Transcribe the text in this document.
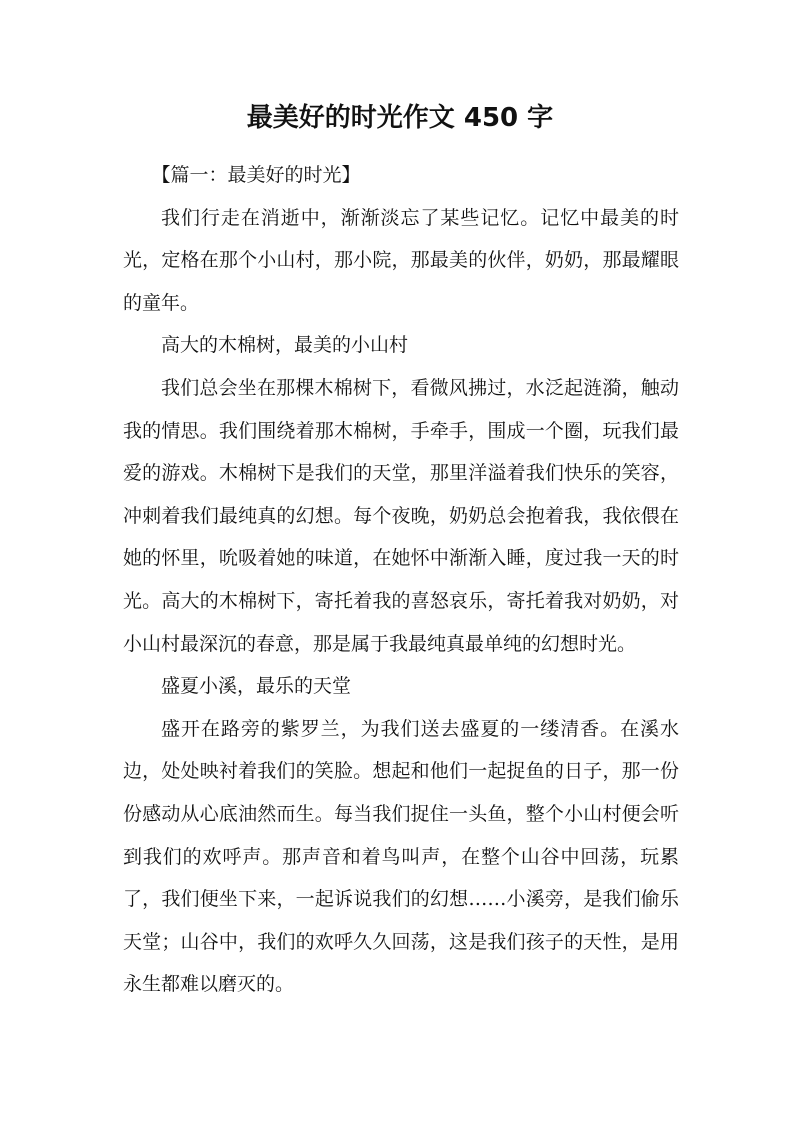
最美好的时光作文 450 字

【篇一：最美好的时光】

我们行走在消逝中，渐渐淡忘了某些记忆。记忆中最美的时光，定格在那个小山村，那小院，那最美的伙伴，奶奶，那最耀眼的童年。

高大的木棉树，最美的小山村

我们总会坐在那棵木棉树下，看微风拂过，水泛起涟漪，触动我的情思。我们围绕着那木棉树，手牵手，围成一个圈，玩我们最爱的游戏。木棉树下是我们的天堂，那里洋溢着我们快乐的笑容，冲刺着我们最纯真的幻想。每个夜晚，奶奶总会抱着我，我依偎在她的怀里，吮吸着她的味道，在她怀中渐渐入睡，度过我一天的时光。高大的木棉树下，寄托着我的喜怒哀乐，寄托着我对奶奶，对小山村最深沉的春意，那是属于我最纯真最单纯的幻想时光。

盛夏小溪，最乐的天堂

盛开在路旁的紫罗兰，为我们送去盛夏的一缕清香。在溪水边，处处映衬着我们的笑脸。想起和他们一起捉鱼的日子，那一份份感动从心底油然而生。每当我们捉住一头鱼，整个小山村便会听到我们的欢呼声。那声音和着鸟叫声，在整个山谷中回荡，玩累了，我们便坐下来，一起诉说我们的幻想……小溪旁，是我们偷乐天堂；山谷中，我们的欢呼久久回荡，这是我们孩子的天性，是用永生都难以磨灭的。
